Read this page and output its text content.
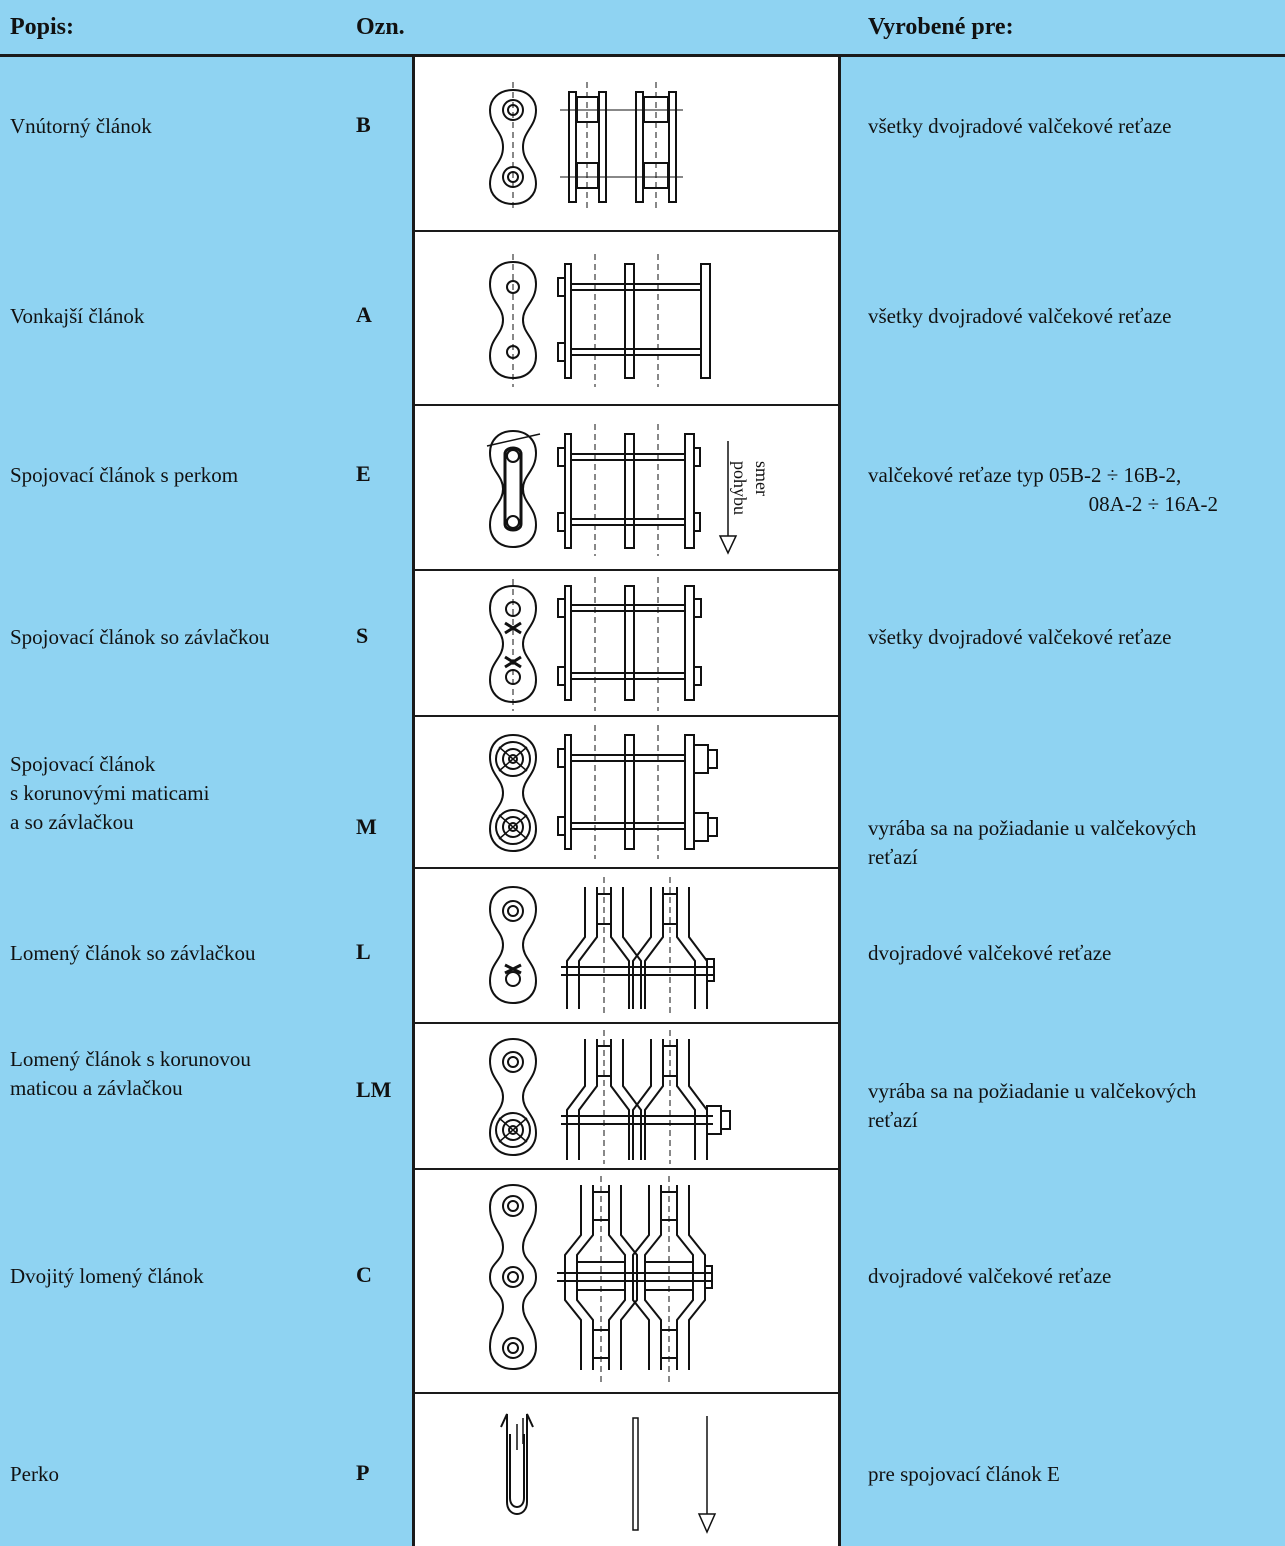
Popis:	Ozn.	Vyrobené pre:
Vnútorný článok	B	všetky dvojradové valčekové reťaze
Vonkajší článok	A	všetky dvojradové valčekové reťaze
smer
pohybu
Spojovací článok s perkom	E	valčekové reťaze typ 05B-2 ÷ 16B-2,
08A-2 ÷ 16A-2
Spojovací článok so závlačkou	S	všetky dvojradové valčekové reťaze
Spojovací článok
s korunovými maticami
a so závlačkou	M	vyrába sa na požiadanie u valčekových
reťazí
Lomený článok so závlačkou	L	dvojradové valčekové reťaze
Lomený článok s korunovou
maticou a závlačkou	LM	vyrába sa na požiadanie u valčekových
reťazí
Dvojitý lomený článok	C	dvojradové valčekové reťaze
Perko	P	pre spojovací článok E
